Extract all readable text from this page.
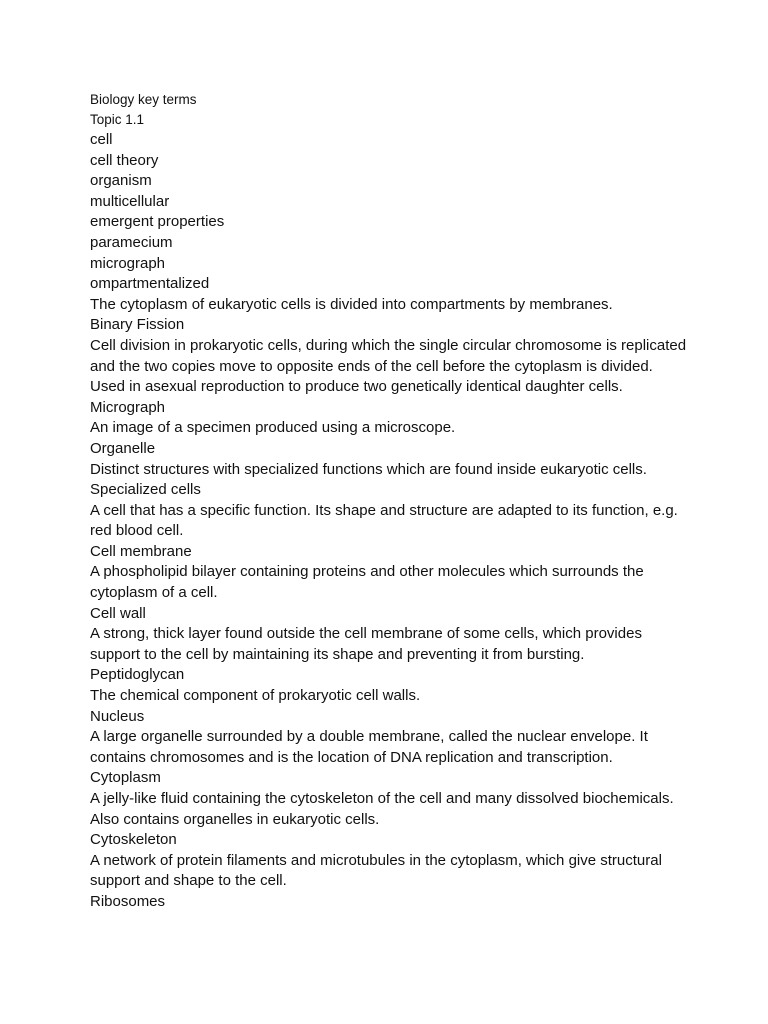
Biology key terms
Topic 1.1
cell
cell theory
organism
multicellular
emergent properties
paramecium
micrograph
ompartmentalized
The cytoplasm of eukaryotic cells is divided into compartments by membranes.
Binary Fission
Cell division in prokaryotic cells, during which the single circular chromosome is replicated and the two copies move to opposite ends of the cell before the cytoplasm is divided. Used in asexual reproduction to produce two genetically identical daughter cells.
Micrograph
An image of a specimen produced using a microscope.
Organelle
Distinct structures with specialized functions which are found inside eukaryotic cells.
Specialized cells
A cell that has a specific function. Its shape and structure are adapted to its function, e.g. red blood cell.
Cell membrane
A phospholipid bilayer containing proteins and other molecules which surrounds the cytoplasm of a cell.
Cell wall
A strong, thick layer found outside the cell membrane of some cells, which provides support to the cell by maintaining its shape and preventing it from bursting.
Peptidoglycan
The chemical component of prokaryotic cell walls.
Nucleus
A large organelle surrounded by a double membrane, called the nuclear envelope. It contains chromosomes and is the location of DNA replication and transcription.
Cytoplasm
A jelly-like fluid containing the cytoskeleton of the cell and many dissolved biochemicals. Also contains organelles in eukaryotic cells.
Cytoskeleton
A network of protein filaments and microtubules in the cytoplasm, which give structural support and shape to the cell.
Ribosomes
